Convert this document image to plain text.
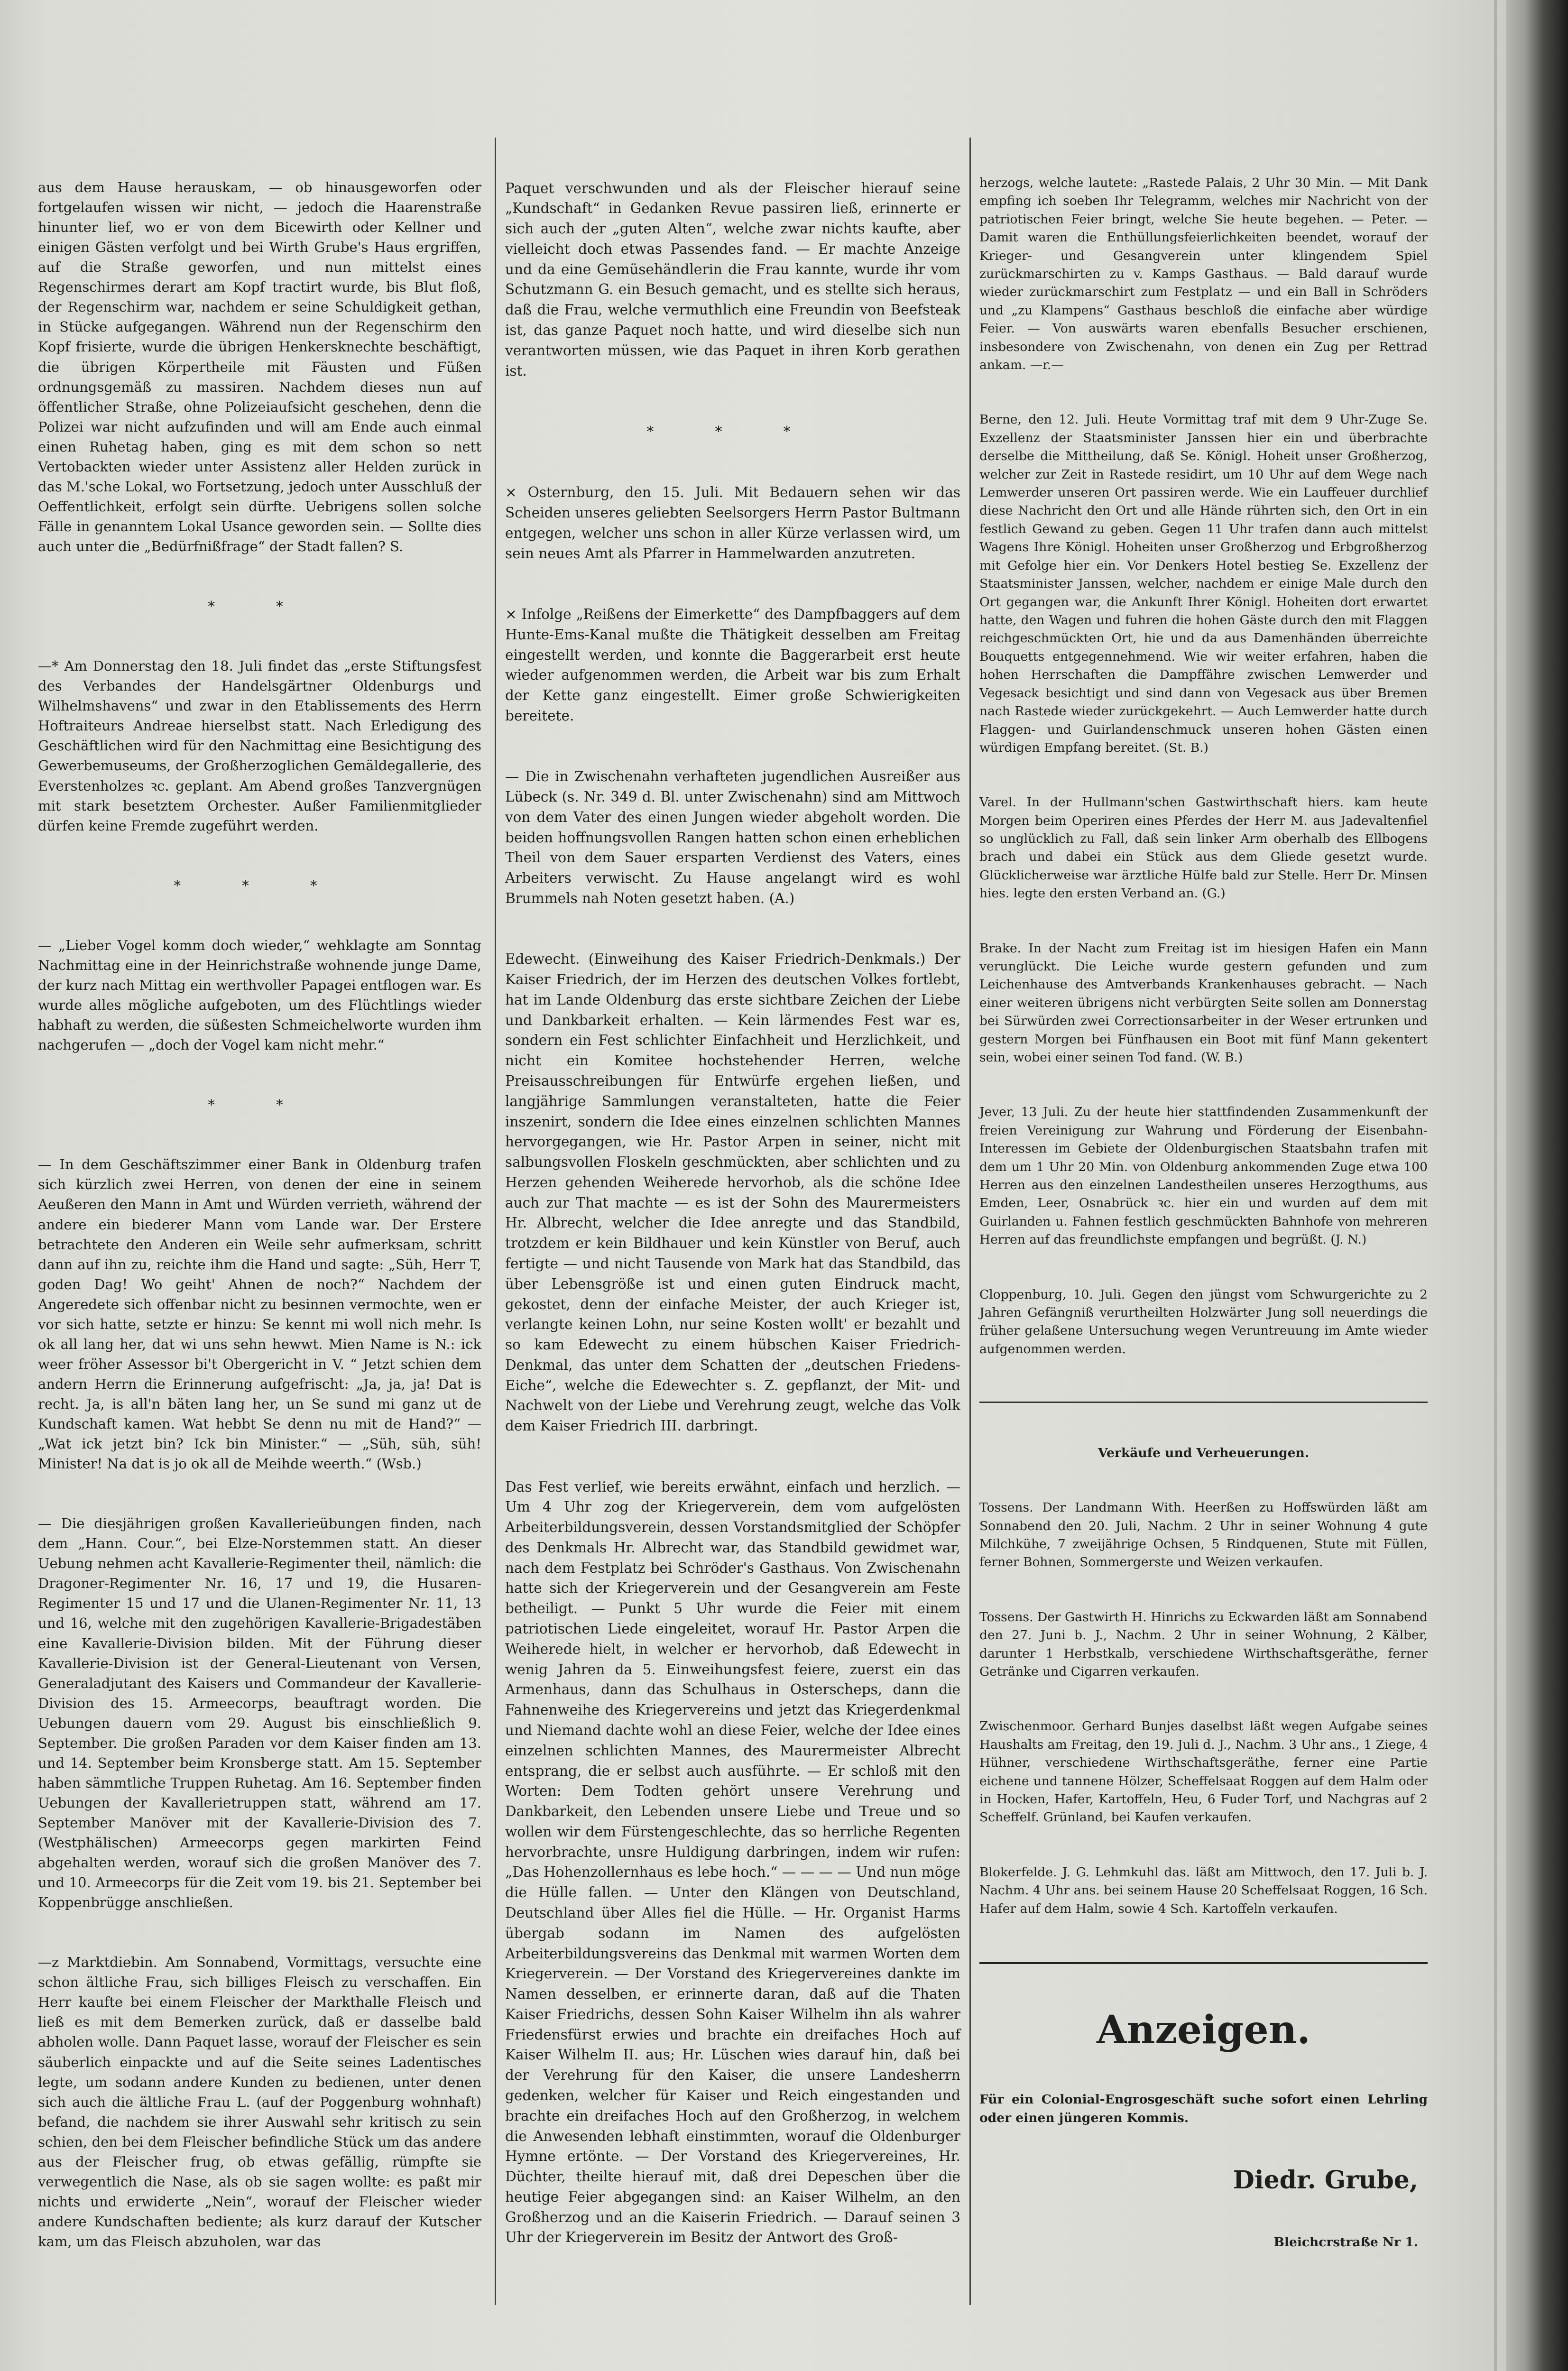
aus dem Hause herauskam, — ob hinausgeworfen oder fortgelaufen wissen wir nicht, — jedoch die Haarenstraße hinunter lief, wo er von dem Bicewirth oder Kellner und einigen Gästen verfolgt und bei Wirth Grube's Haus ergriffen, auf die Straße geworfen, und nun mittelst eines Regenschirmes derart am Kopf tractirt wurde, bis Blut floß, der Regenschirm war, nachdem er seine Schuldigkeit gethan, in Stücke aufgegangen. Während nun der Regenschirm den Kopf frisierte, wurde die übrigen Henkersknechte beschäftigt, die übrigen Körpertheile mit Fäusten und Füßen ordnungsgemäß zu massiren. Nachdem dieses nun auf öffentlicher Straße, ohne Polizeiaufsicht geschehen, denn die Polizei war nicht aufzufinden und will am Ende auch einmal einen Ruhetag haben, ging es mit dem schon so nett Vertobackten wieder unter Assistenz aller Helden zurück in das M.'sche Lokal, wo Fortsetzung, jedoch unter Ausschluß der Oeffentlichkeit, erfolgt sein dürfte. Uebrigens sollen solche Fälle in genanntem Lokal Usance geworden sein. — Sollte dies auch unter die „Bedürfnißfrage“ der Stadt fallen? S.

* *

—* Am Donnerstag den 18. Juli findet das „erste Stiftungsfest des Verbandes der Handelsgärtner Oldenburgs und Wilhelmshavens“ und zwar in den Etablissements des Herrn Hoftraiteurs Andreae hierselbst statt. Nach Erledigung des Geschäftlichen wird für den Nachmittag eine Besichtigung des Gewerbemuseums, der Großherzoglichen Gemäldegallerie, des Everstenholzes ꝛc. geplant. Am Abend großes Tanzvergnügen mit stark besetztem Orchester. Außer Familienmitglieder dürfen keine Fremde zugeführt werden.

* * *

— „Lieber Vogel komm doch wieder,“ wehklagte am Sonntag Nachmittag eine in der Heinrichstraße wohnende junge Dame, der kurz nach Mittag ein werthvoller Papagei entflogen war. Es wurde alles mögliche aufgeboten, um des Flüchtlings wieder habhaft zu werden, die süßesten Schmeichelworte wurden ihm nachgerufen — „doch der Vogel kam nicht mehr.“

* *

— In dem Geschäftszimmer einer Bank in Oldenburg trafen sich kürzlich zwei Herren, von denen der eine in seinem Aeußeren den Mann in Amt und Würden verrieth, während der andere ein biederer Mann vom Lande war. Der Erstere betrachtete den Anderen ein Weile sehr aufmerksam, schritt dann auf ihn zu, reichte ihm die Hand und sagte: „Süh, Herr T, goden Dag! Wo geiht' Ahnen de noch?“ Nachdem der Angeredete sich offenbar nicht zu besinnen vermochte, wen er vor sich hatte, setzte er hinzu: Se kennt mi woll nich mehr. Is ok all lang her, dat wi uns sehn hewwt. Mien Name is N.: ick weer fröher Assessor bi't Obergericht in V. “ Jetzt schien dem andern Herrn die Erinnerung aufgefrischt: „Ja, ja, ja! Dat is recht. Ja, is all'n bäten lang her, un Se sund mi ganz ut de Kundschaft kamen. Wat hebbt Se denn nu mit de Hand?“ — „Wat ick jetzt bin? Ick bin Minister.“ — „Süh, süh, süh! Minister! Na dat is jo ok all de Meihde weerth.“ (Wsb.)

— Die diesjährigen großen Kavallerieübungen finden, nach dem „Hann. Cour.“, bei Elze-Norstemmen statt. An dieser Uebung nehmen acht Kavallerie-Regimenter theil, nämlich: die Dragoner-Regimenter Nr. 16, 17 und 19, die Husaren-Regimenter 15 und 17 und die Ulanen-Regimenter Nr. 11, 13 und 16, welche mit den zugehörigen Kavallerie-Brigadestäben eine Kavallerie-Division bilden. Mit der Führung dieser Kavallerie-Division ist der General-Lieutenant von Versen, Generaladjutant des Kaisers und Commandeur der Kavallerie-Division des 15. Armeecorps, beauftragt worden. Die Uebungen dauern vom 29. August bis einschließlich 9. September. Die großen Paraden vor dem Kaiser finden am 13. und 14. September beim Kronsberge statt. Am 15. September haben sämmtliche Truppen Ruhetag. Am 16. September finden Uebungen der Kavallerietruppen statt, während am 17. September Manöver mit der Kavallerie-Division des 7. (Westphälischen) Armeecorps gegen markirten Feind abgehalten werden, worauf sich die großen Manöver des 7. und 10. Armeecorps für die Zeit vom 19. bis 21. September bei Koppenbrügge anschließen.

—z Marktdiebin. Am Sonnabend, Vormittags, versuchte eine schon ältliche Frau, sich billiges Fleisch zu verschaffen. Ein Herr kaufte bei einem Fleischer der Markthalle Fleisch und ließ es mit dem Bemerken zurück, daß er dasselbe bald abholen wolle. Dann Paquet lasse, worauf der Fleischer es sein säuberlich einpackte und auf die Seite seines Ladentisches legte, um sodann andere Kunden zu bedienen, unter denen sich auch die ältliche Frau L. (auf der Poggenburg wohnhaft) befand, die nachdem sie ihrer Auswahl sehr kritisch zu sein schien, den bei dem Fleischer befindliche Stück um das andere aus der Fleischer frug, ob etwas gefällig, rümpfte sie verwegentlich die Nase, als ob sie sagen wollte: es paßt mir nichts und erwiderte „Nein“, worauf der Fleischer wieder andere Kundschaften bediente; als kurz darauf der Kutscher kam, um das Fleisch abzuholen, war das

Paquet verschwunden und als der Fleischer hierauf seine „Kundschaft“ in Gedanken Revue passiren ließ, erinnerte er sich auch der „guten Alten“, welche zwar nichts kaufte, aber vielleicht doch etwas Passendes fand. — Er machte Anzeige und da eine Gemüsehändlerin die Frau kannte, wurde ihr vom Schutzmann G. ein Besuch gemacht, und es stellte sich heraus, daß die Frau, welche vermuthlich eine Freundin von Beefsteak ist, das ganze Paquet noch hatte, und wird dieselbe sich nun verantworten müssen, wie das Paquet in ihren Korb gerathen ist.

* * *

× Osternburg, den 15. Juli. Mit Bedauern sehen wir das Scheiden unseres geliebten Seelsorgers Herrn Pastor Bultmann entgegen, welcher uns schon in aller Kürze verlassen wird, um sein neues Amt als Pfarrer in Hammelwarden anzutreten.

× Infolge „Reißens der Eimerkette“ des Dampfbaggers auf dem Hunte-Ems-Kanal mußte die Thätigkeit desselben am Freitag eingestellt werden, und konnte die Baggerarbeit erst heute wieder aufgenommen werden, die Arbeit war bis zum Erhalt der Kette ganz eingestellt. Eimer große Schwierigkeiten bereitete.

— Die in Zwischenahn verhafteten jugendlichen Ausreißer aus Lübeck (s. Nr. 349 d. Bl. unter Zwischenahn) sind am Mittwoch von dem Vater des einen Jungen wieder abgeholt worden. Die beiden hoffnungsvollen Rangen hatten schon einen erheblichen Theil von dem Sauer ersparten Verdienst des Vaters, eines Arbeiters verwischt. Zu Hause angelangt wird es wohl Brummels nah Noten gesetzt haben. (A.)

Edewecht. (Einweihung des Kaiser Friedrich-Denkmals.) Der Kaiser Friedrich, der im Herzen des deutschen Volkes fortlebt, hat im Lande Oldenburg das erste sichtbare Zeichen der Liebe und Dankbarkeit erhalten. — Kein lärmendes Fest war es, sondern ein Fest schlichter Einfachheit und Herzlichkeit, und nicht ein Komitee hochstehender Herren, welche Preisausschreibungen für Entwürfe ergehen ließen, und langjährige Sammlungen veranstalteten, hatte die Feier inszenirt, sondern die Idee eines einzelnen schlichten Mannes hervorgegangen, wie Hr. Pastor Arpen in seiner, nicht mit salbungsvollen Floskeln geschmückten, aber schlichten und zu Herzen gehenden Weiherede hervorhob, als die schöne Idee auch zur That machte — es ist der Sohn des Maurermeisters Hr. Albrecht, welcher die Idee anregte und das Standbild, trotzdem er kein Bildhauer und kein Künstler von Beruf, auch fertigte — und nicht Tausende von Mark hat das Standbild, das über Lebensgröße ist und einen guten Eindruck macht, gekostet, denn der einfache Meister, der auch Krieger ist, verlangte keinen Lohn, nur seine Kosten wollt' er bezahlt und so kam Edewecht zu einem hübschen Kaiser Friedrich-Denkmal, das unter dem Schatten der „deutschen Friedens-Eiche“, welche die Edewechter s. Z. gepflanzt, der Mit- und Nachwelt von der Liebe und Verehrung zeugt, welche das Volk dem Kaiser Friedrich III. darbringt.

Das Fest verlief, wie bereits erwähnt, einfach und herzlich. — Um 4 Uhr zog der Kriegerverein, dem vom aufgelösten Arbeiterbildungsverein, dessen Vorstandsmitglied der Schöpfer des Denkmals Hr. Albrecht war, das Standbild gewidmet war, nach dem Festplatz bei Schröder's Gasthaus. Von Zwischenahn hatte sich der Kriegerverein und der Gesangverein am Feste betheiligt. — Punkt 5 Uhr wurde die Feier mit einem patriotischen Liede eingeleitet, worauf Hr. Pastor Arpen die Weiherede hielt, in welcher er hervorhob, daß Edewecht in wenig Jahren da 5. Einweihungsfest feiere, zuerst ein das Armenhaus, dann das Schulhaus in Osterscheps, dann die Fahnenweihe des Kriegervereins und jetzt das Kriegerdenkmal und Niemand dachte wohl an diese Feier, welche der Idee eines einzelnen schlichten Mannes, des Maurermeister Albrecht entsprang, die er selbst auch ausführte. — Er schloß mit den Worten: Dem Todten gehört unsere Verehrung und Dankbarkeit, den Lebenden unsere Liebe und Treue und so wollen wir dem Fürstengeschlechte, das so herrliche Regenten hervorbrachte, unsre Huldigung darbringen, indem wir rufen: „Das Hohenzollernhaus es lebe hoch.“ — — — — Und nun möge die Hülle fallen. — Unter den Klängen von Deutschland, Deutschland über Alles fiel die Hülle. — Hr. Organist Harms übergab sodann im Namen des aufgelösten Arbeiterbildungsvereins das Denkmal mit warmen Worten dem Kriegerverein. — Der Vorstand des Kriegervereines dankte im Namen desselben, er erinnerte daran, daß auf die Thaten Kaiser Friedrichs, dessen Sohn Kaiser Wilhelm ihn als wahrer Friedensfürst erwies und brachte ein dreifaches Hoch auf Kaiser Wilhelm II. aus; Hr. Lüschen wies darauf hin, daß bei der Verehrung für den Kaiser, die unsere Landesherrn gedenken, welcher für Kaiser und Reich eingestanden und brachte ein dreifaches Hoch auf den Großherzog, in welchem die Anwesenden lebhaft einstimmten, worauf die Oldenburger Hymne ertönte. — Der Vorstand des Kriegervereines, Hr. Düchter, theilte hierauf mit, daß drei Depeschen über die heutige Feier abgegangen sind: an Kaiser Wilhelm, an den Großherzog und an die Kaiserin Friedrich. — Darauf seinen 3 Uhr der Kriegerverein im Besitz der Antwort des Groß-

herzogs, welche lautete: „Rastede Palais, 2 Uhr 30 Min. — Mit Dank empfing ich soeben Ihr Telegramm, welches mir Nachricht von der patriotischen Feier bringt, welche Sie heute begehen. — Peter. — Damit waren die Enthüllungsfeierlichkeiten beendet, worauf der Krieger- und Gesangverein unter klingendem Spiel zurückmarschirten zu v. Kamps Gasthaus. — Bald darauf wurde wieder zurückmarschirt zum Festplatz — und ein Ball in Schröders und „zu Klampens“ Gasthaus beschloß die einfache aber würdige Feier. — Von auswärts waren ebenfalls Besucher erschienen, insbesondere von Zwischenahn, von denen ein Zug per Rettrad ankam. —r.—

Berne, den 12. Juli. Heute Vormittag traf mit dem 9 Uhr-Zuge Se. Exzellenz der Staatsminister Janssen hier ein und überbrachte derselbe die Mittheilung, daß Se. Königl. Hoheit unser Großherzog, welcher zur Zeit in Rastede residirt, um 10 Uhr auf dem Wege nach Lemwerder unseren Ort passiren werde. Wie ein Lauffeuer durchlief diese Nachricht den Ort und alle Hände rührten sich, den Ort in ein festlich Gewand zu geben. Gegen 11 Uhr trafen dann auch mittelst Wagens Ihre Königl. Hoheiten unser Großherzog und Erbgroßherzog mit Gefolge hier ein. Vor Denkers Hotel bestieg Se. Exzellenz der Staatsminister Janssen, welcher, nachdem er einige Male durch den Ort gegangen war, die Ankunft Ihrer Königl. Hoheiten dort erwartet hatte, den Wagen und fuhren die hohen Gäste durch den mit Flaggen reichgeschmückten Ort, hie und da aus Damenhänden überreichte Bouquetts entgegennehmend. Wie wir weiter erfahren, haben die hohen Herrschaften die Dampffähre zwischen Lemwerder und Vegesack besichtigt und sind dann von Vegesack aus über Bremen nach Rastede wieder zurückgekehrt. — Auch Lemwerder hatte durch Flaggen- und Guirlandenschmuck unseren hohen Gästen einen würdigen Empfang bereitet. (St. B.)

Varel. In der Hullmann'schen Gastwirthschaft hiers. kam heute Morgen beim Operiren eines Pferdes der Herr M. aus Jadevaltenfiel so unglücklich zu Fall, daß sein linker Arm oberhalb des Ellbogens brach und dabei ein Stück aus dem Gliede gesetzt wurde. Glücklicherweise war ärztliche Hülfe bald zur Stelle. Herr Dr. Minsen hies. legte den ersten Verband an. (G.)

Brake. In der Nacht zum Freitag ist im hiesigen Hafen ein Mann verunglückt. Die Leiche wurde gestern gefunden und zum Leichenhause des Amtverbands Krankenhauses gebracht. — Nach einer weiteren übrigens nicht verbürgten Seite sollen am Donnerstag bei Sürwürden zwei Correctionsarbeiter in der Weser ertrunken und gestern Morgen bei Fünfhausen ein Boot mit fünf Mann gekentert sein, wobei einer seinen Tod fand. (W. B.)

Jever, 13 Juli. Zu der heute hier stattfindenden Zusammenkunft der freien Vereinigung zur Wahrung und Förderung der Eisenbahn-Interessen im Gebiete der Oldenburgischen Staatsbahn trafen mit dem um 1 Uhr 20 Min. von Oldenburg ankommenden Zuge etwa 100 Herren aus den einzelnen Landestheilen unseres Herzogthums, aus Emden, Leer, Osnabrück ꝛc. hier ein und wurden auf dem mit Guirlanden u. Fahnen festlich geschmückten Bahnhofe von mehreren Herren auf das freundlichste empfangen und begrüßt. (J. N.)

Cloppenburg, 10. Juli. Gegen den jüngst vom Schwurgerichte zu 2 Jahren Gefängniß verurtheilten Holzwärter Jung soll neuerdings die früher gelaßene Untersuchung wegen Veruntreuung im Amte wieder aufgenommen werden.

Verkäufe und Verheuerungen.

Tossens. Der Landmann With. Heerßen zu Hoffswürden läßt am Sonnabend den 20. Juli, Nachm. 2 Uhr in seiner Wohnung 4 gute Milchkühe, 7 zweijährige Ochsen, 5 Rindquenen, Stute mit Füllen, ferner Bohnen, Sommergerste und Weizen verkaufen.

Tossens. Der Gastwirth H. Hinrichs zu Eckwarden läßt am Sonnabend den 27. Juni b. J., Nachm. 2 Uhr in seiner Wohnung, 2 Kälber, darunter 1 Herbstkalb, verschiedene Wirthschaftsgeräthe, ferner Getränke und Cigarren verkaufen.

Zwischenmoor. Gerhard Bunjes daselbst läßt wegen Aufgabe seines Haushalts am Freitag, den 19. Juli d. J., Nachm. 3 Uhr ans., 1 Ziege, 4 Hühner, verschiedene Wirthschaftsgeräthe, ferner eine Partie eichene und tannene Hölzer, Scheffelsaat Roggen auf dem Halm oder in Hocken, Hafer, Kartoffeln, Heu, 6 Fuder Torf, und Nachgras auf 2 Scheffelf. Grünland, bei Kaufen verkaufen.

Blokerfelde. J. G. Lehmkuhl das. läßt am Mittwoch, den 17. Juli b. J. Nachm. 4 Uhr ans. bei seinem Hause 20 Scheffelsaat Roggen, 16 Sch. Hafer auf dem Halm, sowie 4 Sch. Kartoffeln verkaufen.

Anzeigen.

Für ein Colonial-Engrosgeschäft suche sofort einen Lehrling oder einen jüngeren Kommis.

Diedr. Grube,

Bleichcrstraße Nr 1.
